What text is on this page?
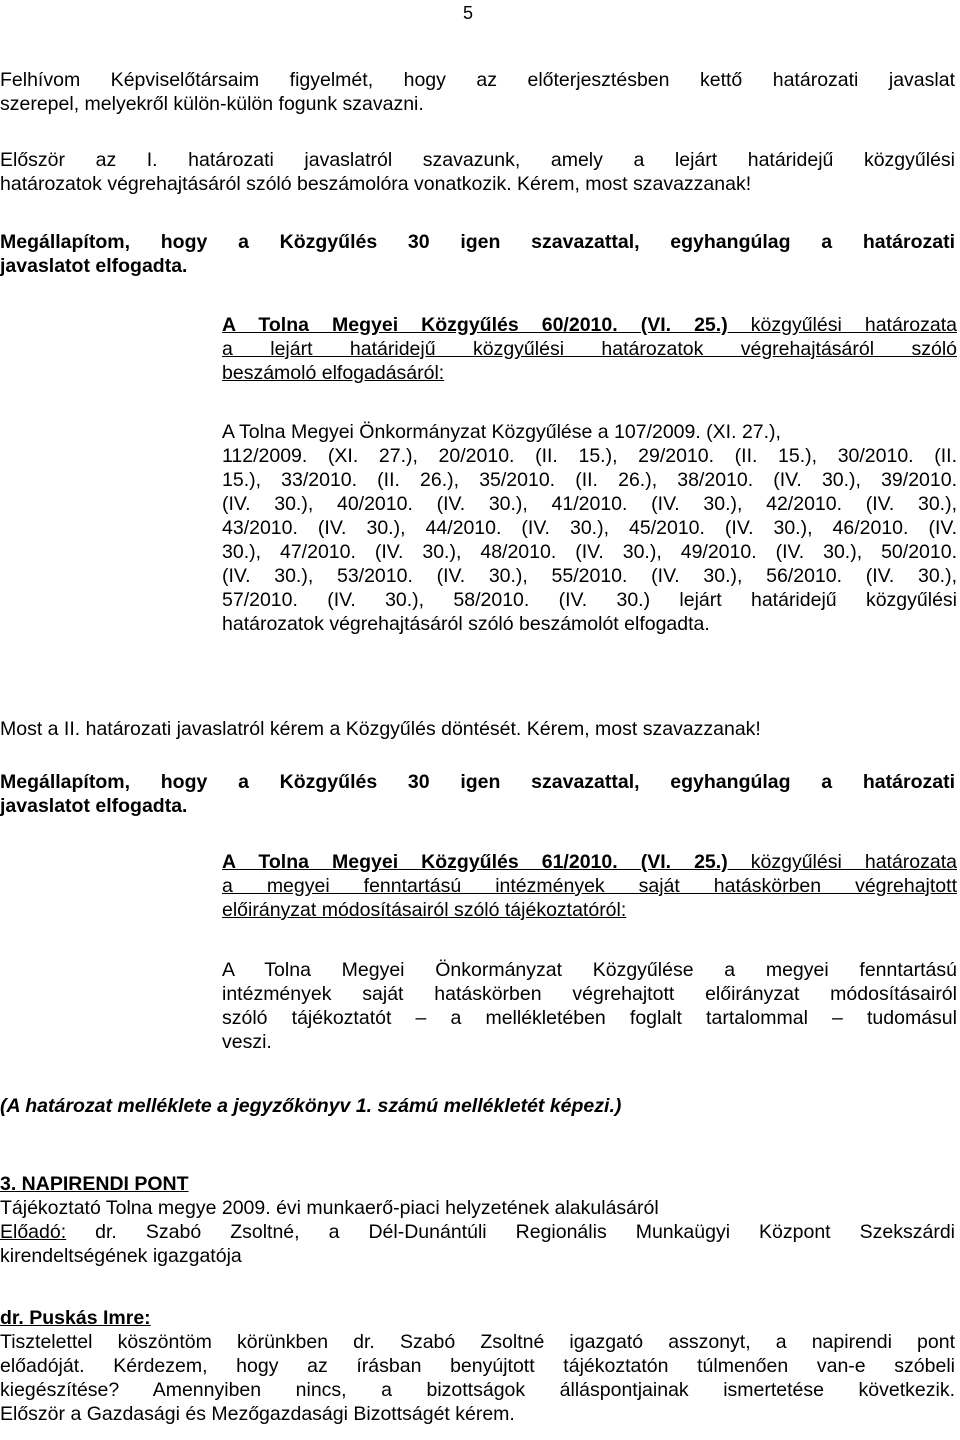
5
Felhívom Képviselőtársaim figyelmét, hogy az előterjesztésben kettő határozati javaslat
szerepel, melyekről külön-külön fogunk szavazni.
Először az I. határozati javaslatról szavazunk, amely a lejárt határidejű közgyűlési
határozatok végrehajtásáról szóló beszámolóra vonatkozik. Kérem, most szavazzanak!
Megállapítom, hogy a Közgyűlés 30 igen szavazattal, egyhangúlag a határozati
javaslatot elfogadta.
A Tolna Megyei Közgyűlés 60/2010. (VI. 25.) közgyűlési határozata
a lejárt határidejű közgyűlési határozatok végrehajtásáról szóló
beszámoló elfogadásáról:
A Tolna Megyei Önkormányzat Közgyűlése a 107/2009. (XI. 27.),
112/2009. (XI. 27.), 20/2010. (II. 15.), 29/2010. (II. 15.), 30/2010. (II.
15.), 33/2010. (II. 26.), 35/2010. (II. 26.), 38/2010. (IV. 30.), 39/2010.
(IV. 30.), 40/2010. (IV. 30.), 41/2010. (IV. 30.), 42/2010. (IV. 30.),
43/2010. (IV. 30.), 44/2010. (IV. 30.), 45/2010. (IV. 30.), 46/2010. (IV.
30.), 47/2010. (IV. 30.), 48/2010. (IV. 30.), 49/2010. (IV. 30.), 50/2010.
(IV. 30.), 53/2010. (IV. 30.), 55/2010. (IV. 30.), 56/2010. (IV. 30.),
57/2010. (IV. 30.), 58/2010. (IV. 30.) lejárt határidejű közgyűlési
határozatok végrehajtásáról szóló beszámolót elfogadta.
Most a II. határozati javaslatról kérem a Közgyűlés döntését. Kérem, most szavazzanak!
Megállapítom, hogy a Közgyűlés 30 igen szavazattal, egyhangúlag a határozati
javaslatot elfogadta.
A Tolna Megyei Közgyűlés 61/2010. (VI. 25.) közgyűlési határozata
a megyei fenntartású intézmények saját hatáskörben végrehajtott
előirányzat módosításairól szóló tájékoztatóról:
A Tolna Megyei Önkormányzat Közgyűlése a megyei fenntartású
intézmények saját hatáskörben végrehajtott előirányzat módosításairól
szóló tájékoztatót – a mellékletében foglalt tartalommal – tudomásul
veszi.
(A határozat melléklete a jegyzőkönyv 1. számú mellékletét képezi.)
3. NAPIRENDI PONT
Tájékoztató Tolna megye 2009. évi munkaerő-piaci helyzetének alakulásáról
Előadó: dr. Szabó Zsoltné, a Dél-Dunántúli Regionális Munkaügyi Központ Szekszárdi
kirendeltségének igazgatója
dr. Puskás Imre:
Tisztelettel köszöntöm körünkben dr. Szabó Zsoltné igazgató asszonyt, a napirendi pont
előadóját. Kérdezem, hogy az írásban benyújtott tájékoztatón túlmenően van-e szóbeli
kiegészítése? Amennyiben nincs, a bizottságok álláspontjainak ismertetése következik.
Először a Gazdasági és Mezőgazdasági Bizottságét kérem.
